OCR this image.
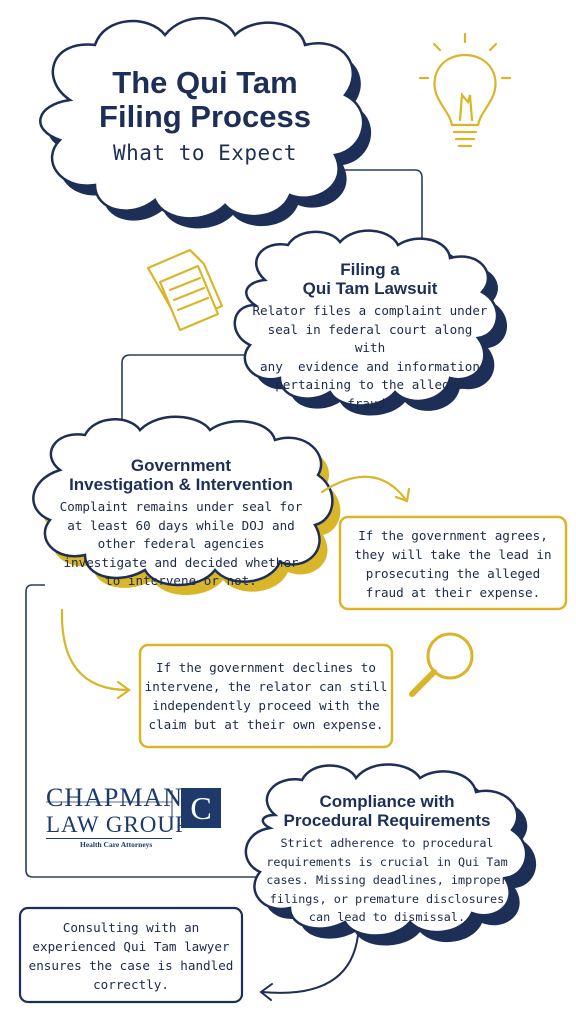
The Qui Tam
Filing Process
What to Expect
Filing a
Qui Tam Lawsuit
Relator files a complaint under
seal in federal court along with
any  evidence and information
pertaining to the alleged
fraud.
Government
Investigation & Intervention
Complaint remains under seal for
at least 60 days while DOJ and
other federal agencies
investigate and decided whether
to intervene or not.
Compliance with
Procedural Requirements
Strict adherence to procedural
requirements is crucial in Qui Tam
cases. Missing deadlines, improper
filings, or premature disclosures
can lead to dismissal.
If the government agrees,
they will take the lead in
prosecuting the alleged
fraud at their expense.
If the government declines to
intervene, the relator can still
independently proceed with the
claim but at their own expense.
Consulting with an
experienced Qui Tam lawyer
ensures the case is handled
correctly.
CHAPMAN
LAW GROUP
Health Care Attorneys
C
